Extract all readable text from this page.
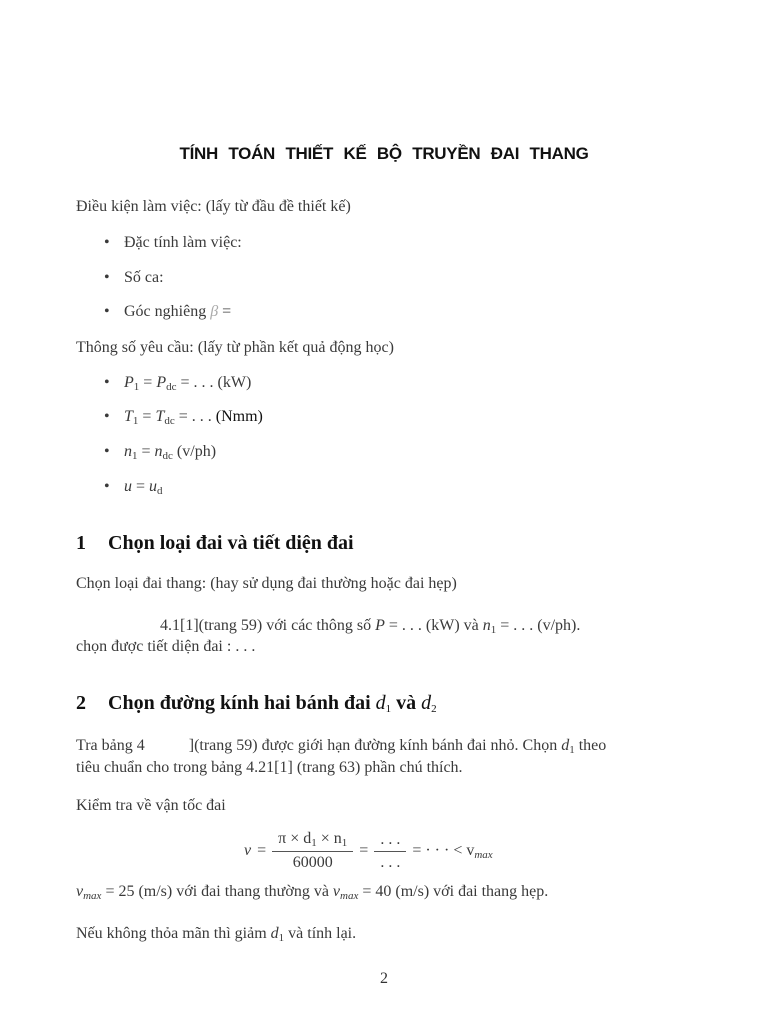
TÍNH TOÁN THIẾT KẾ BỘ TRUYỀN ĐAI THANG
Điều kiện làm việc: (lấy từ đầu đề thiết kế)
• Đặc tính làm việc:
• Số ca:
• Góc nghiêng β =
Thông số yêu cầu: (lấy từ phần kết quả động học)
• $P_1 = P_{dc}$ = . . . (kW)
• $T_1 = T_{dc}$ = . . . (Nmm)
• $n_1 = n_{dc}$ (v/ph)
• $u = u_d$
1 Chọn loại đai và tiết diện đai
Chọn loại đai thang: (hay sử dụng đai thường hoặc đai hẹp)
4.1[1](trang 59) với các thông số P = . . . (kW) và $n_1$ = . . . (v/ph).
chọn được tiết diện đai : . . .
2 Chọn đường kính hai bánh đai $d_1$ và $d_2$
Tra bảng 4	](trang 59) được giới hạn đường kính bánh đai nhỏ. Chọn $d_1$ theo
tiêu chuẩn cho trong bảng 4.21[1] (trang 63) phần chú thích.
Kiểm tra về vận tốc đai
$v = \frac{\pi \times d_1 \times n_1}{60000} = \frac{. . .}{. . .}$ = · · · < vmax
vmax = 25 (m/s) với đai thang thường và vmax = 40 (m/s) với đai thang hẹp.
Nếu không thỏa mãn thì giảm $d_1$ và tính lại.
2
